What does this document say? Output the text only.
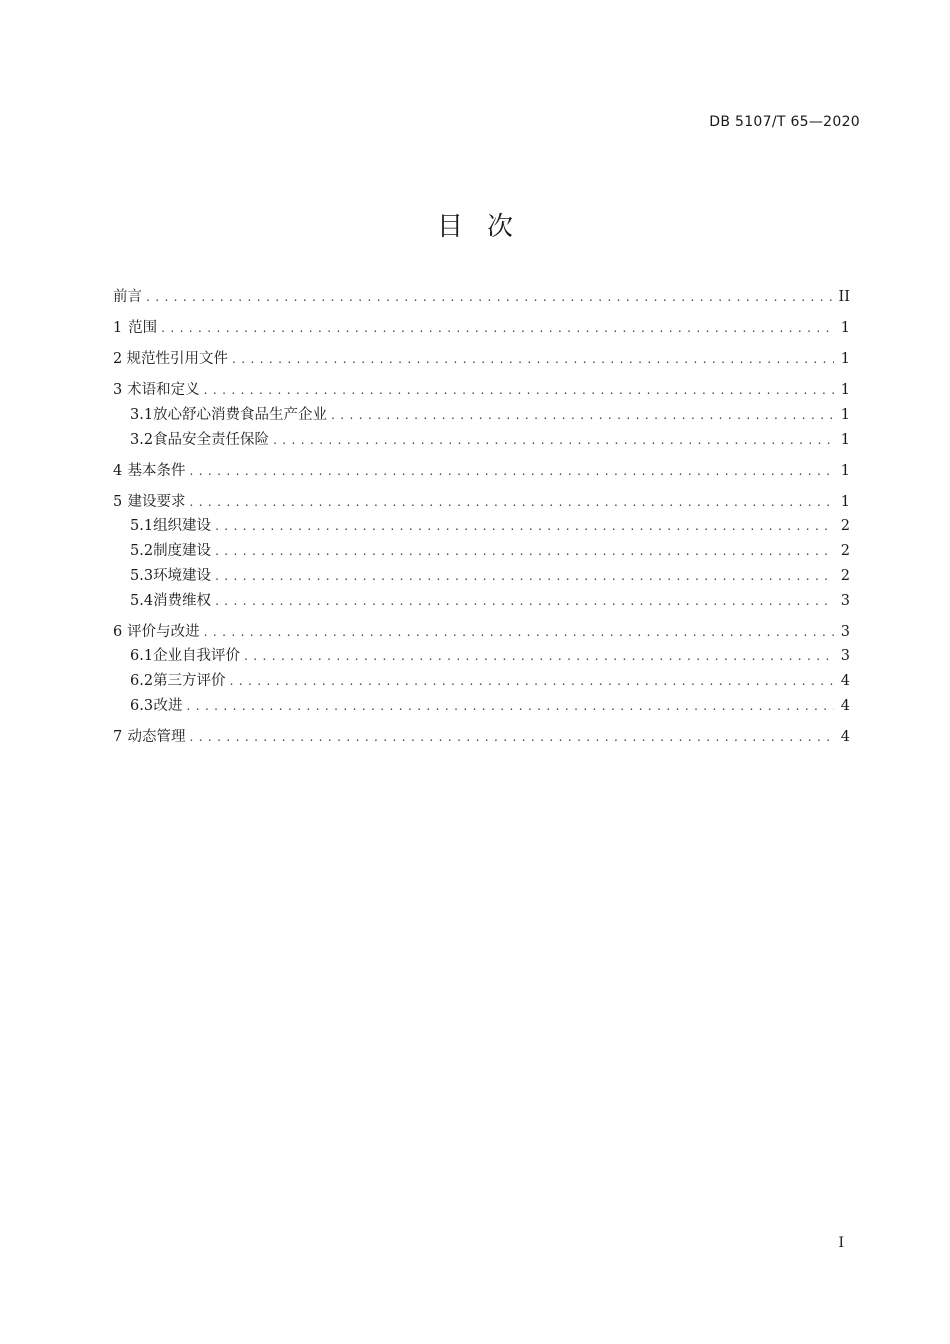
DB 5107/T 65—2020
目次
前言 . . .	II
1 范围 . . .	1
2 规范性引用文件 . . .	1
3 术语和定义 . . .	1
3.1 放心舒心消费食品生产企业 . . .	1
3.2 食品安全责任保险 . . .	1
4 基本条件 . . .	1
5 建设要求 . . .	1
5.1 组织建设 . . .	2
5.2 制度建设 . . .	2
5.3 环境建设 . . .	2
5.4 消费维权 . . .	3
6 评价与改进 . . .	3
6.1 企业自我评价 . . .	3
6.2 第三方评价 . . .	4
6.3 改进 . . .	4
7 动态管理 . . .	4
I
